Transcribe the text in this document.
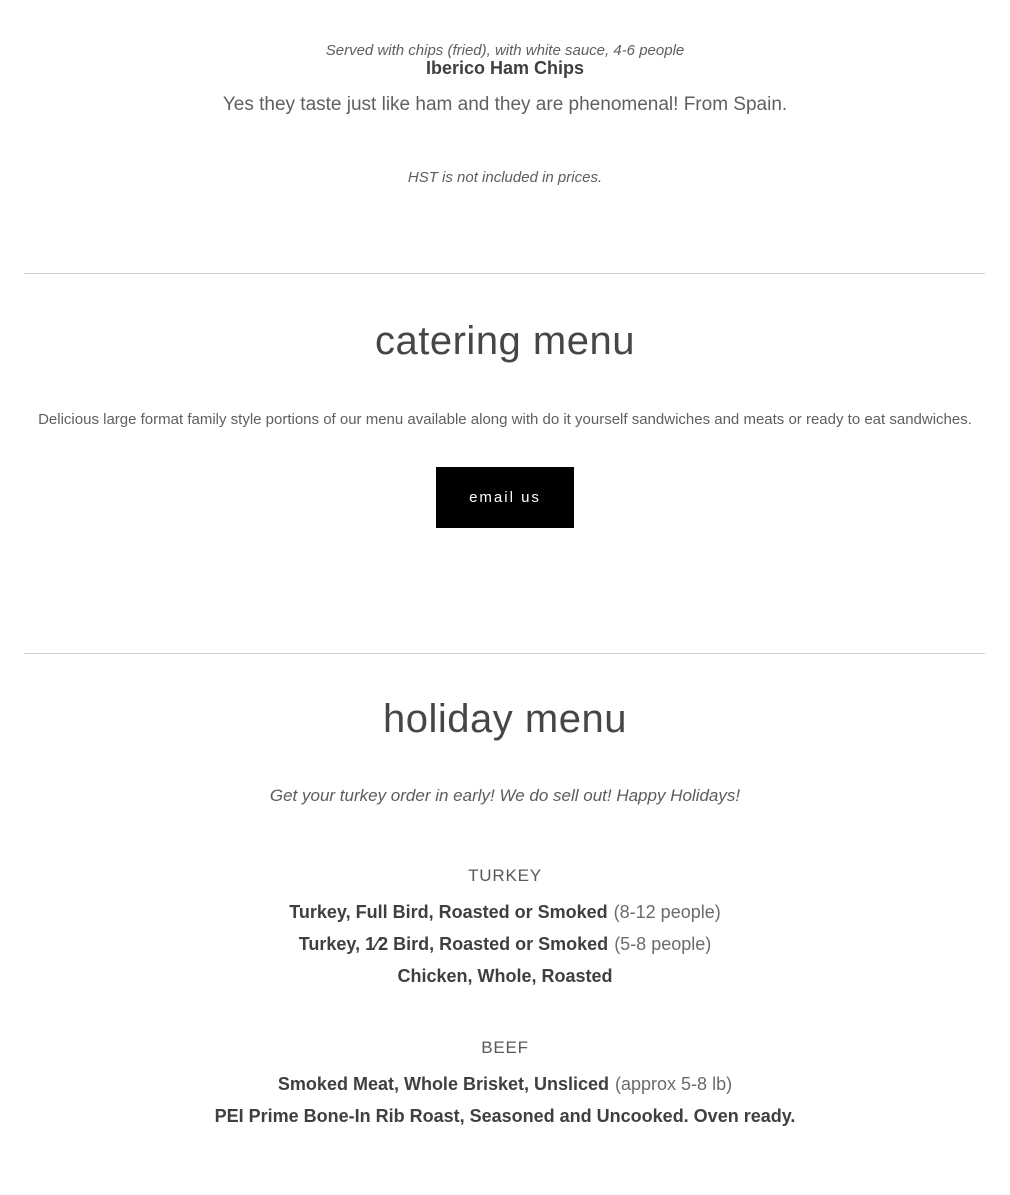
Served with chips (fried), with white sauce, 4-6 people
Iberico Ham Chips

Yes they taste just like ham and they are phenomenal! From Spain.

HST is not included in prices.

catering menu

Delicious large format family style portions of our menu available along with do it yourself sandwiches and meats or ready to eat sandwiches.

email us
holiday menu

Get your turkey order in early! We do sell out! Happy Holidays!

TURKEY

Turkey, Full Bird, Roasted or Smoked (8-12 people)

Turkey, 1⁄2 Bird, Roasted or Smoked (5-8 people)

Chicken, Whole, Roasted

BEEF

Smoked Meat, Whole Brisket, Unsliced (approx 5-8 lb)

PEI Prime Bone-In Rib Roast, Seasoned and Uncooked. Oven ready.
